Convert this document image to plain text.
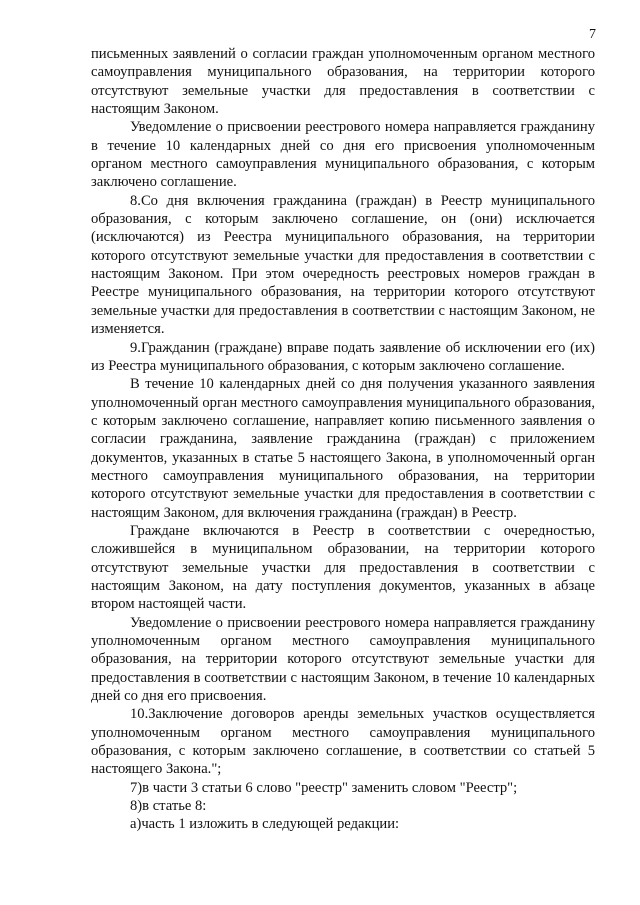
7

письменных заявлений о согласии граждан уполномоченным органом местного самоуправления муниципального образования, на территории которого отсутствуют земельные участки для предоставления в соответствии с настоящим Законом.

Уведомление о присвоении реестрового номера направляется гражданину в течение 10 календарных дней со дня его присвоения уполномоченным органом местного самоуправления муниципального образования, с которым заключено соглашение.

8.Со дня включения гражданина (граждан) в Реестр муниципального образования, с которым заключено соглашение, он (они) исключается (исключаются) из Реестра муниципального образования, на территории которого отсутствуют земельные участки для предоставления в соответствии с настоящим Законом. При этом очередность реестровых номеров граждан в Реестре муниципального образования, на территории которого отсутствуют земельные участки для предоставления в соответствии с настоящим Законом, не изменяется.

9.Гражданин (граждане) вправе подать заявление об исключении его (их) из Реестра муниципального образования, с которым заключено соглашение.

В течение 10 календарных дней со дня получения указанного заявления уполномоченный орган местного самоуправления муниципального образования, с которым заключено соглашение, направляет копию письменного заявления о согласии гражданина, заявление гражданина (граждан) с приложением документов, указанных в статье 5 настоящего Закона, в уполномоченный орган местного самоуправления муниципального образования, на территории которого отсутствуют земельные участки для предоставления в соответствии с настоящим Законом, для включения гражданина (граждан) в Реестр.

Граждане включаются в Реестр в соответствии с очередностью, сложившейся в муниципальном образовании, на территории которого отсутствуют земельные участки для предоставления в соответствии с настоящим Законом, на дату поступления документов, указанных в абзаце втором настоящей части.

Уведомление о присвоении реестрового номера направляется гражданину уполномоченным органом местного самоуправления муниципального образования, на территории которого отсутствуют земельные участки для предоставления в соответствии с настоящим Законом, в течение 10 календарных дней со дня его присвоения.

10.Заключение договоров аренды земельных участков осуществляется уполномоченным органом местного самоуправления муниципального образования, с которым заключено соглашение, в соответствии со статьей 5 настоящего Закона.";

7)в части 3 статьи 6 слово "реестр" заменить словом "Реестр";

8)в статье 8:

а)часть 1 изложить в следующей редакции:
